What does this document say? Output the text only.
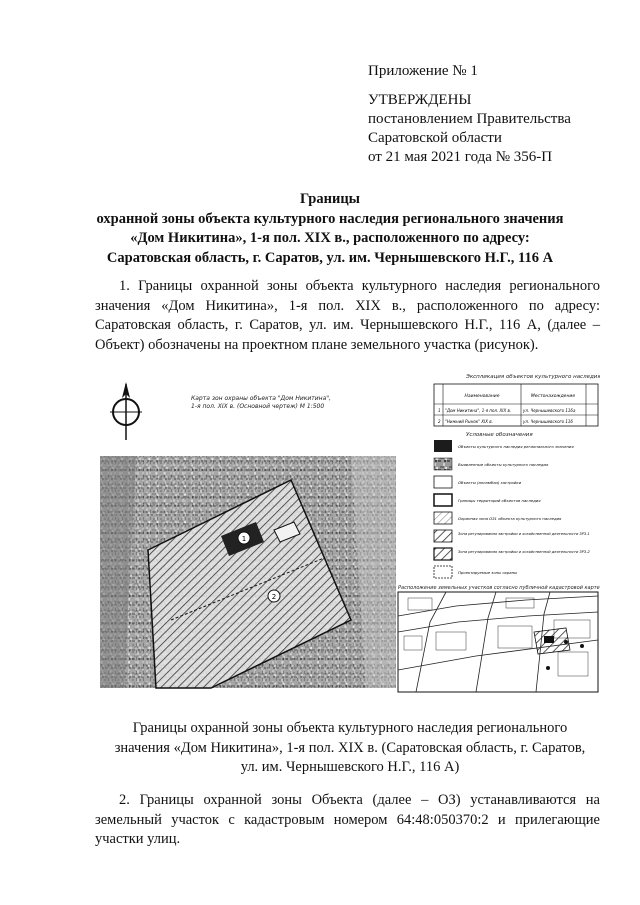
Приложение № 1
УТВЕРЖДЕНЫ
постановлением Правительства
Саратовской области
от 21 мая 2021 года № 356-П
Границы
охранной зоны объекта культурного наследия регионального значения
«Дом Никитина», 1-я пол. XIX в., расположенного по адресу:
Саратовская область, г. Саратов, ул. им. Чернышевского Н.Г., 116 А
1. Границы охранной зоны объекта культурного наследия регионального значения «Дом Никитина», 1-я пол. XIX в., расположенного по адресу: Саратовская область, г. Саратов, ул. им. Чернышевского Н.Г., 116 А, (далее – Объект) обозначены на проектном плане земельного участка (рисунок).
Карта зон охраны объекта "Дом Никитина",
1-я пол. XIX в. (Основной чертеж) М 1:500
1
2
Экспликация объектов культурного наследия
Наименование	Местонахождение
1 "Дом Никитина", 1-я пол. XIX в.	ул. Чернышевского 116а
2 "Нижний Рынок" XIX в.	ул. Чернышевского 116
Условные обозначения
Объекты культурного наследия регионального значения
Выявленные объекты культурного наследия
Объекты (ансамбли) застройки
Границы территорий объектов наследия
Охранная зона ОЗ1 объекта культурного наследия
Зона регулирования застройки и хозяйственной деятельности ЗРЗ-1
Зона регулирования застройки и хозяйственной деятельности ЗРЗ-2
Проектируемые зоны охраны
Расположение земельных участков согласно публичной кадастровой карте
Границы охранной зоны объекта культурного наследия регионального
значения «Дом Никитина», 1-я пол. XIX в. (Саратовская область, г. Саратов,
ул. им. Чернышевского Н.Г., 116 А)
2. Границы охранной зоны Объекта (далее – ОЗ) устанавливаются на земельный участок с кадастровым номером 64:48:050370:2 и прилегающие участки улиц.
